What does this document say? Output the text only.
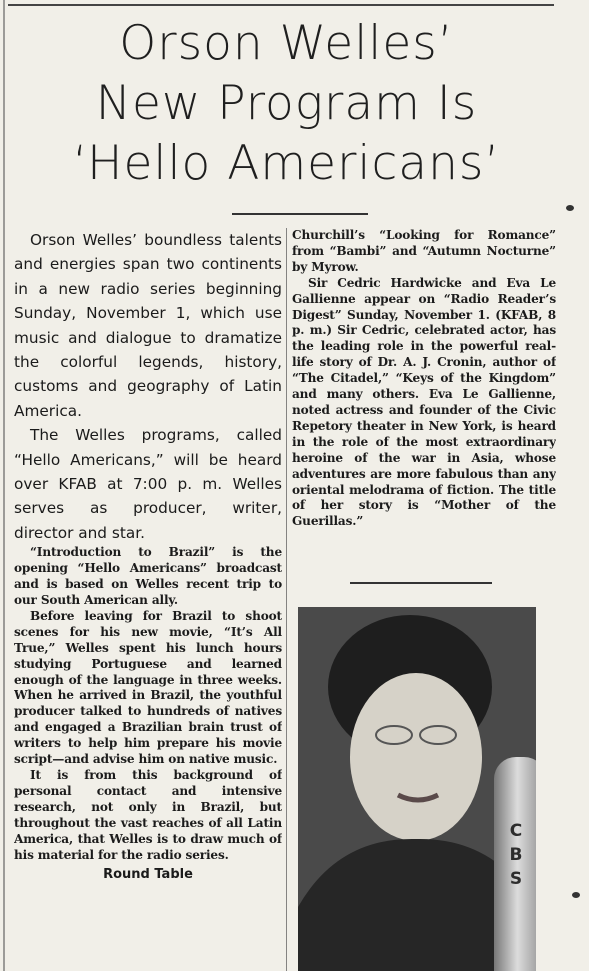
Orson Welles’
New Program Is
‘Hello Americans’

Orson Welles’ boundless talents and energies span two continents in a new radio series beginning Sunday, November 1, which use music and dialogue to dramatize the colorful legends, history, customs and geography of Latin America.

The Welles programs, called “Hello Americans,” will be heard over KFAB at 7:00 p. m. Welles serves as producer, writer, director and star.

“Introduction to Brazil” is the opening “Hello Americans” broadcast and is based on Welles recent trip to our South American ally.

Before leaving for Brazil to shoot scenes for his new movie, “It’s All True,” Welles spent his lunch hours studying Portuguese and learned enough of the language in three weeks. When he arrived in Brazil, the youthful producer talked to hundreds of natives and engaged a Brazilian brain trust of writers to help him prepare his movie script—and advise him on native music.

It is from this background of personal contact and intensive research, not only in Brazil, but throughout the vast reaches of all Latin America, that Welles is to draw much of his material for the radio series.

Round Table

Churchill’s “Looking for Romance” from “Bambi” and “Autumn Nocturne” by Myrow.

Sir Cedric Hardwicke and Eva Le Gallienne appear on “Radio Reader’s Digest” Sunday, November 1. (KFAB, 8 p. m.) Sir Cedric, celebrated actor, has the leading role in the powerful real-life story of Dr. A. J. Cronin, author of “The Citadel,” “Keys of the Kingdom” and many others. Eva Le Gallienne, noted actress and founder of the Civic Repetory theater in New York, is heard in the role of the most extraordinary heroine of the war in Asia, whose adventures are more fabulous than any oriental melodrama of fiction. The title of her story is “Mother of the Guerillas.”

C
B
S
